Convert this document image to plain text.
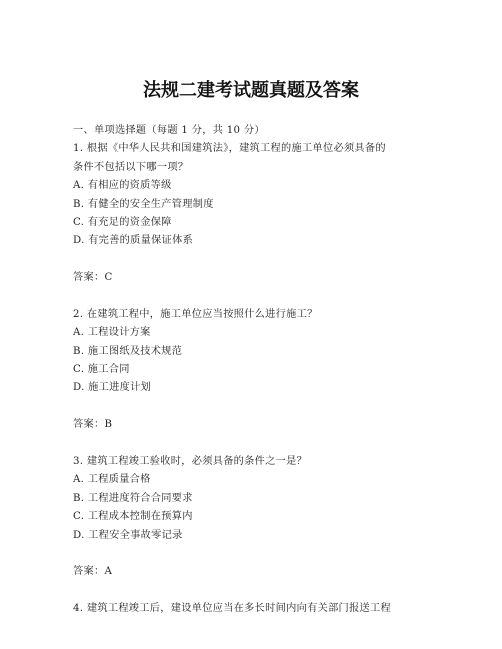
法规二建考试题真题及答案
一、单项选择题（每题 1 分，共 10 分）
1. 根据《中华人民共和国建筑法》，建筑工程的施工单位必须具备的
条件不包括以下哪一项？
A. 有相应的资质等级
B. 有健全的安全生产管理制度
C. 有充足的资金保障
D. 有完善的质量保证体系
答案：C
2. 在建筑工程中，施工单位应当按照什么进行施工？
A. 工程设计方案
B. 施工图纸及技术规范
C. 施工合同
D. 施工进度计划
答案：B
3. 建筑工程竣工验收时，必须具备的条件之一是？
A. 工程质量合格
B. 工程进度符合合同要求
C. 工程成本控制在预算内
D. 工程安全事故零记录
答案：A
4. 建筑工程竣工后，建设单位应当在多长时间内向有关部门报送工程
